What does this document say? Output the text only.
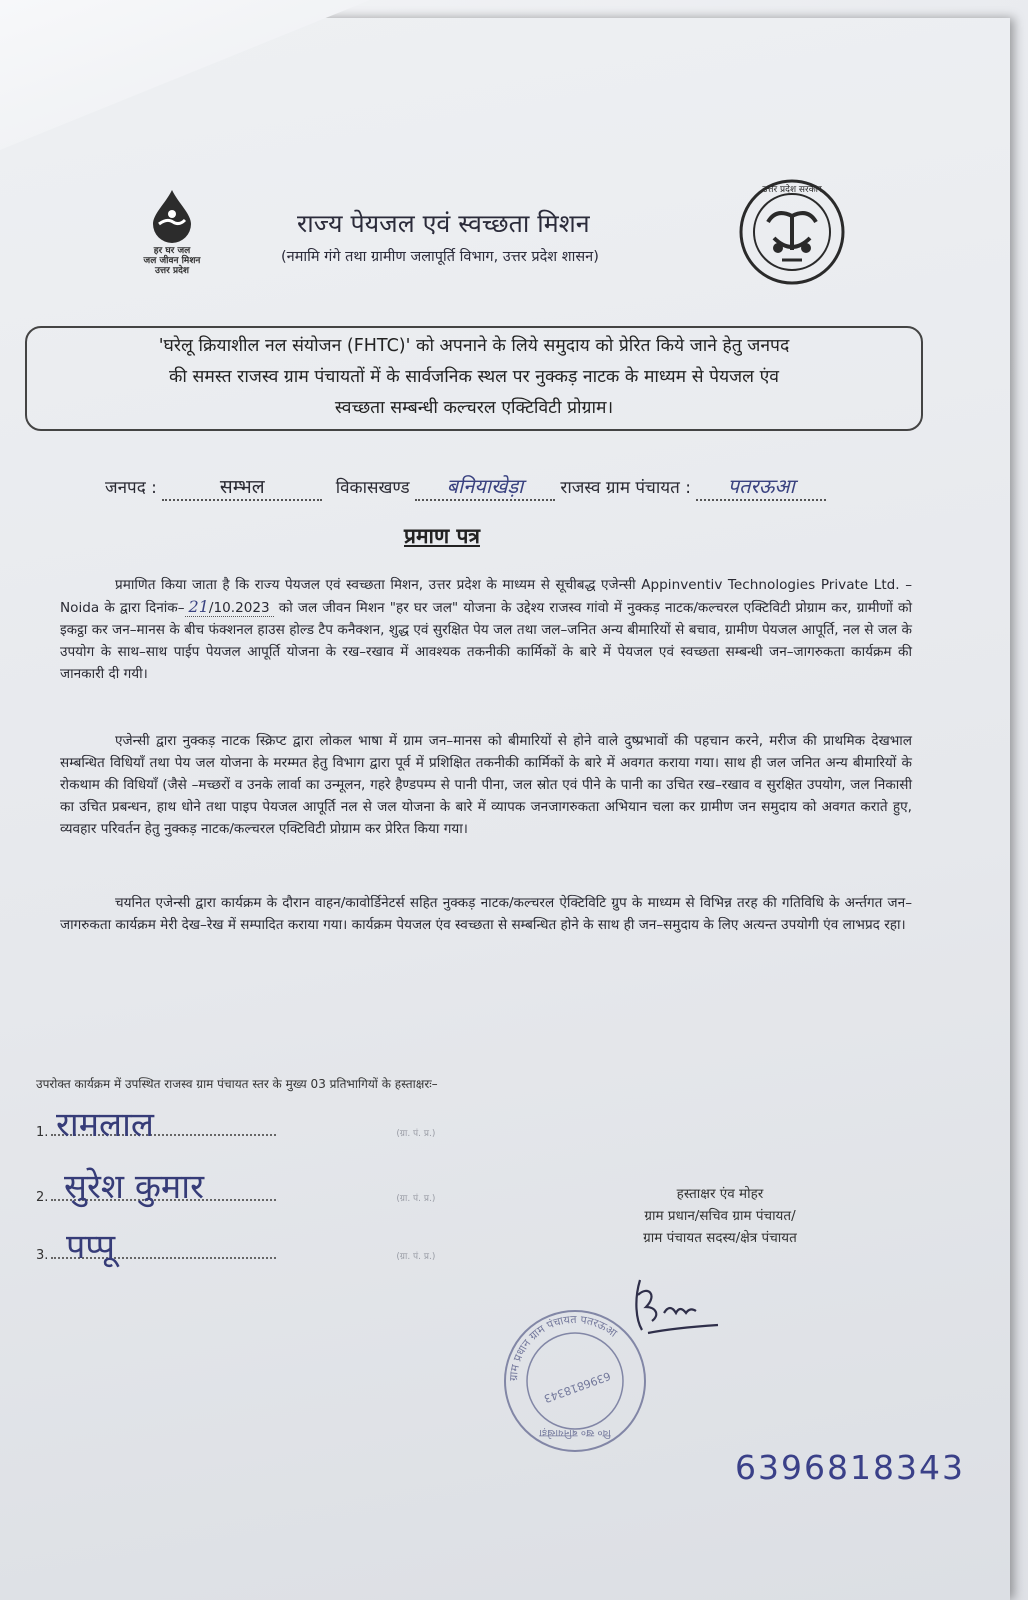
हर घर जल
जल जीवन मिशन
उत्तर प्रदेश
राज्य पेयजल एवं स्वच्छता मिशन
(नमामि गंगे तथा ग्रामीण जलापूर्ति विभाग, उत्तर प्रदेश शासन)
उत्तर प्रदेश सरकार
'घरेलू क्रियाशील नल संयोजन (FHTC)' को अपनाने के लिये समुदाय को प्रेरित किये जाने हेतु जनपद
की समस्त राजस्व ग्राम पंचायतों में के सार्वजनिक स्थल पर नुक्कड़ नाटक के माध्यम से पेयजल एंव
स्वच्छता सम्बन्धी कल्चरल एक्टिविटी प्रोग्राम।
जनपद :	सम्भल	विकासखण्ड बनियाखेड़ा राजस्व ग्राम पंचायत : पतरऊआ
प्रमाण पत्र
प्रमाणित किया जाता है कि राज्य पेयजल एवं स्वच्छता मिशन, उत्तर प्रदेश के माध्यम से सूचीबद्ध एजेन्सी Appinventiv Technologies Private Ltd. – Noida के द्वारा दिनांक– 21/10.2023 को जल जीवन मिशन "हर घर जल" योजना के उद्देश्य राजस्व गांवो में नुक्कड़ नाटक/कल्चरल एक्टिविटी प्रोग्राम कर, ग्रामीणों को इकट्ठा कर जन–मानस के बीच फंक्शनल हाउस होल्ड टैप कनैक्शन, शुद्ध एवं सुरक्षित पेय जल तथा जल–जनित अन्य बीमारियों से बचाव, ग्रामीण पेयजल आपूर्ति, नल से जल के उपयोग के साथ–साथ पाईप पेयजल आपूर्ति योजना के रख–रखाव में आवश्यक तकनीकी कार्मिकों के बारे में पेयजल एवं स्वच्छता सम्बन्धी जन–जागरुकता कार्यक्रम की जानकारी दी गयी।
एजेन्सी द्वारा नुक्कड़ नाटक स्क्रिप्ट द्वारा लोकल भाषा में ग्राम जन–मानस को बीमारियों से होने वाले दुष्प्रभावों की पहचान करने, मरीज की प्राथमिक देखभाल सम्बन्धित विधियाँ तथा पेय जल योजना के मरम्मत हेतु विभाग द्वारा पूर्व में प्रशिक्षित तकनीकी कार्मिकों के बारे में अवगत कराया गया। साथ ही जल जनित अन्य बीमारियों के रोकथाम की विधियाँ (जैसे –मच्छरों व उनके लार्वा का उन्मूलन, गहरे हैण्डपम्प से पानी पीना, जल स्रोत एवं पीने के पानी का उचित रख–रखाव व सुरक्षित उपयोग, जल निकासी का उचित प्रबन्धन, हाथ धोने तथा पाइप पेयजल आपूर्ति नल से जल योजना के बारे में व्यापक जनजागरुकता अभियान चला कर ग्रामीण जन समुदाय को अवगत कराते हुए, व्यवहार परिवर्तन हेतु नुक्कड़ नाटक/कल्चरल एक्टिविटी प्रोग्राम कर प्रेरित किया गया।
चयनित एजेन्सी द्वारा कार्यक्रम के दौरान वाहन/कावोर्डिनेटर्स सहित नुक्कड़ नाटक/कल्चरल ऐक्टिविटि ग्रुप के माध्यम से विभिन्न तरह की गतिविधि के अर्न्तगत जन–जागरुकता कार्यक्रम मेरी देख–रेख में सम्पादित कराया गया। कार्यक्रम पेयजल एंव स्वच्छता से सम्बन्धित होने के साथ ही जन–समुदाय के लिए अत्यन्त उपयोगी एंव लाभप्रद रहा।
उपरोक्त कार्यक्रम में उपस्थित राजस्व ग्राम पंचायत स्तर के मुख्य 03 प्रतिभागियों के हस्ताक्षरः–
1.	(ग्रा. पं. प्र.)
रामलाल
2.	(ग्रा. पं. प्र.)
सुरेश कुमार
3.	(ग्रा. पं. प्र.)
पप्पू
हस्ताक्षर एंव मोहर
ग्राम प्रधान/सचिव ग्राम पंचायत/
ग्राम पंचायत सदस्य/क्षेत्र पंचायत
ग्राम प्रधान ग्राम पंचायत पतरऊआ
6396818343
वि० ख० बनियाखेड़ा
6396818343
